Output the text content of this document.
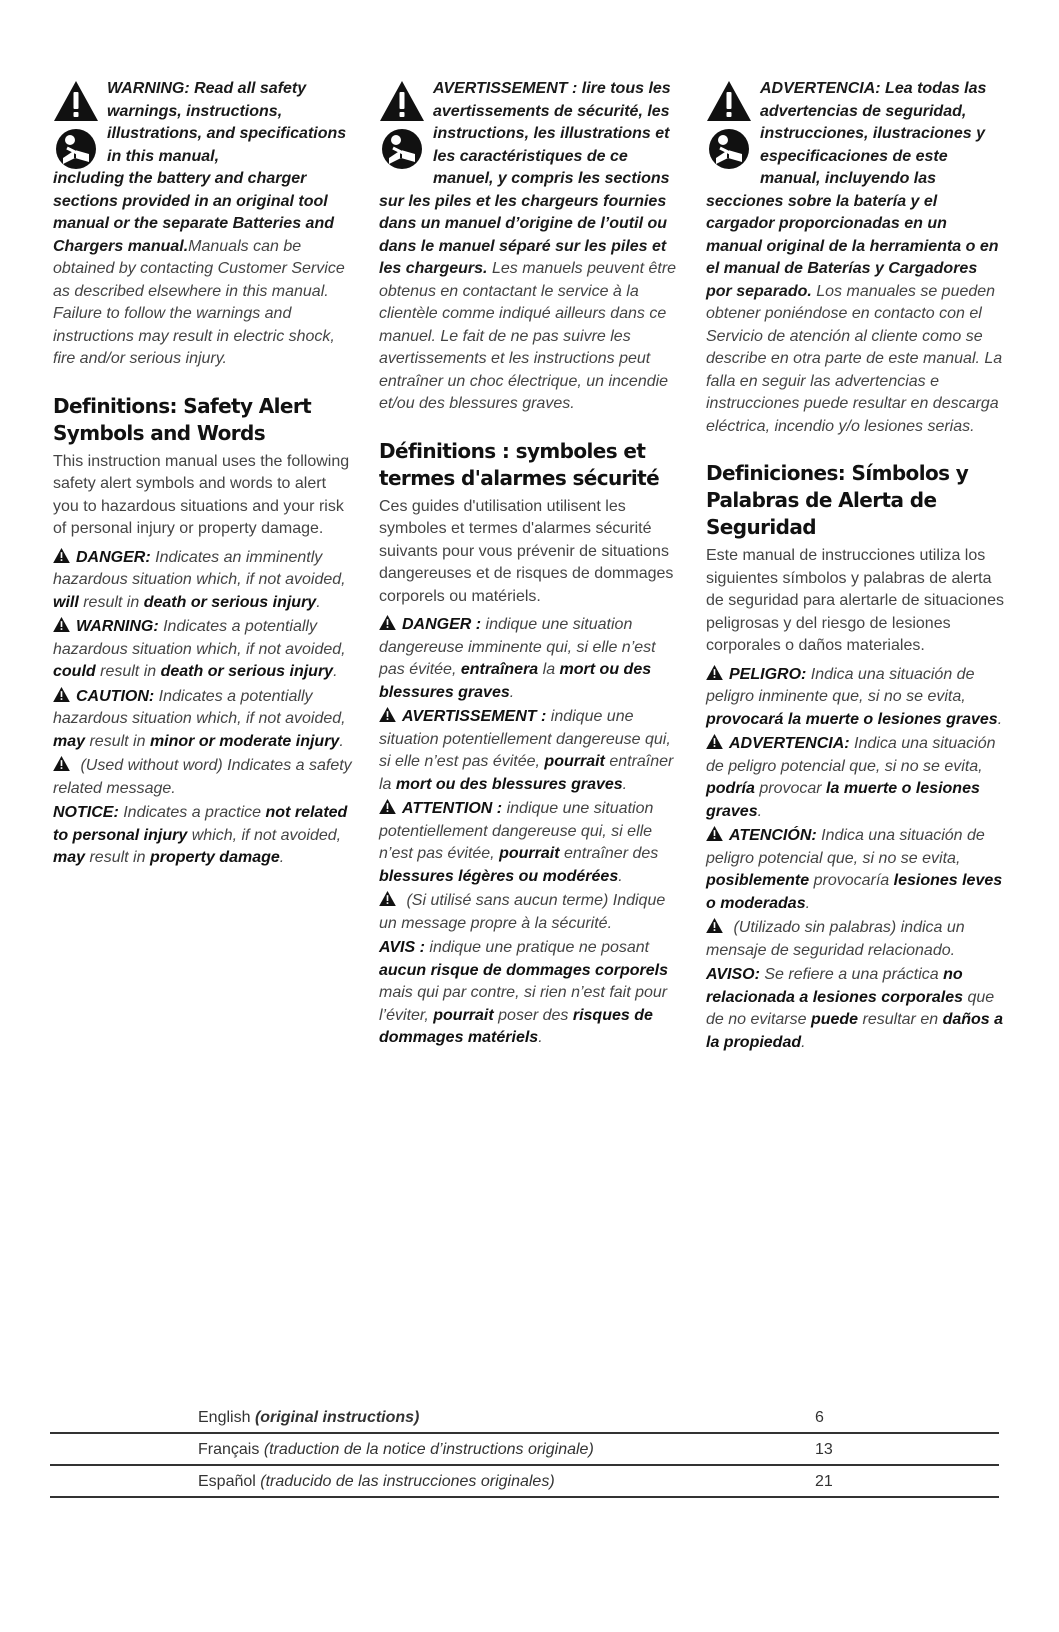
WARNING: Read all safety warnings, instructions, illustrations, and specifications in this manual,
including the battery and charger sections provided in an original tool manual or the separate Batteries and Chargers manual.Manuals can be obtained by contacting Customer Service as described elsewhere in this manual. Failure to follow the warnings and instructions may result in electric shock, fire and/or serious injury.
Definitions: Safety Alert Symbols and Words

This instruction manual uses the following safety alert symbols and words to alert you to hazardous situations and your risk of personal injury or property damage.

DANGER: Indicates an imminently hazardous situation which, if not avoided, will result in death or serious injury.

WARNING: Indicates a potentially hazardous situation which, if not avoided, could result in death or serious injury.

CAUTION: Indicates a potentially hazardous situation which, if not avoided, may result in minor or moderate injury.

(Used without word) Indicates a safety related message.

NOTICE: Indicates a practice not related to personal injury which, if not avoided, may result in property damage.

AVERTISSEMENT : lire tous les avertissements de sécurité, les instructions, les illustrations et les caractéristiques de ce manuel, y compris les sections
sur les piles et les chargeurs fournies dans un manuel d’origine de l’outil ou dans le manuel séparé sur les piles et les chargeurs. Les manuels peuvent être obtenus en contactant le service à la clientèle comme indiqué ailleurs dans ce manuel. Le fait de ne pas suivre les avertissements et les instructions peut entraîner un choc électrique, un incendie et/ou des blessures graves.
Définitions : symboles et termes d'alarmes sécurité

Ces guides d'utilisation utilisent les symboles et termes d'alarmes sécurité suivants pour vous prévenir de situations dangereuses et de risques de dommages corporels ou matériels.

DANGER : indique une situation dangereuse imminente qui, si elle n’est pas évitée, entraînera la mort ou des blessures graves.

AVERTISSEMENT : indique une situation potentiellement dangereuse qui, si elle n’est pas évitée, pourrait entraîner la mort ou des blessures graves.

ATTENTION : indique une situation potentiellement dangereuse qui, si elle n’est pas évitée, pourrait entraîner des blessures légères ou modérées.

(Si utilisé sans aucun terme) Indique un message propre à la sécurité.

AVIS : indique une pratique ne posant aucun risque de dommages corporels mais qui par contre, si rien n’est fait pour l’éviter, pourrait poser des risques de dommages matériels.

ADVERTENCIA: Lea todas las advertencias de seguridad, instrucciones, ilustraciones y especificaciones de este manual, incluyendo las
secciones sobre la batería y el cargador proporcionadas en un manual original de la herramienta o en el manual de Baterías y Cargadores por separado. Los manuales se pueden obtener poniéndose en contacto con el Servicio de atención al cliente como se describe en otra parte de este manual. La falla en seguir las advertencias e instrucciones puede resultar en descarga eléctrica, incendio y/o lesiones serias.
Definiciones: Símbolos y Palabras de Alerta de Seguridad

Este manual de instrucciones utiliza los siguientes símbolos y palabras de alerta de seguridad para alertarle de situaciones peligrosas y del riesgo de lesiones corporales o daños materiales.

PELIGRO: Indica una situación de peligro inminente que, si no se evita, provocará la muerte o lesiones graves.

ADVERTENCIA: Indica una situación de peligro potencial que, si no se evita, podría provocar la muerte o lesiones graves.

ATENCIÓN: Indica una situación de peligro potencial que, si no se evita, posiblemente provocaría lesiones leves o moderadas.

(Utilizado sin palabras) indica un mensaje de seguridad relacionado.

AVISO: Se refiere a una práctica no relacionada a lesiones corporales que de no evitarse puede resultar en daños a la propiedad.

English (original instructions)	6
Français (traduction de la notice d’instructions originale)	13
Español (traducido de las instrucciones originales)	21
